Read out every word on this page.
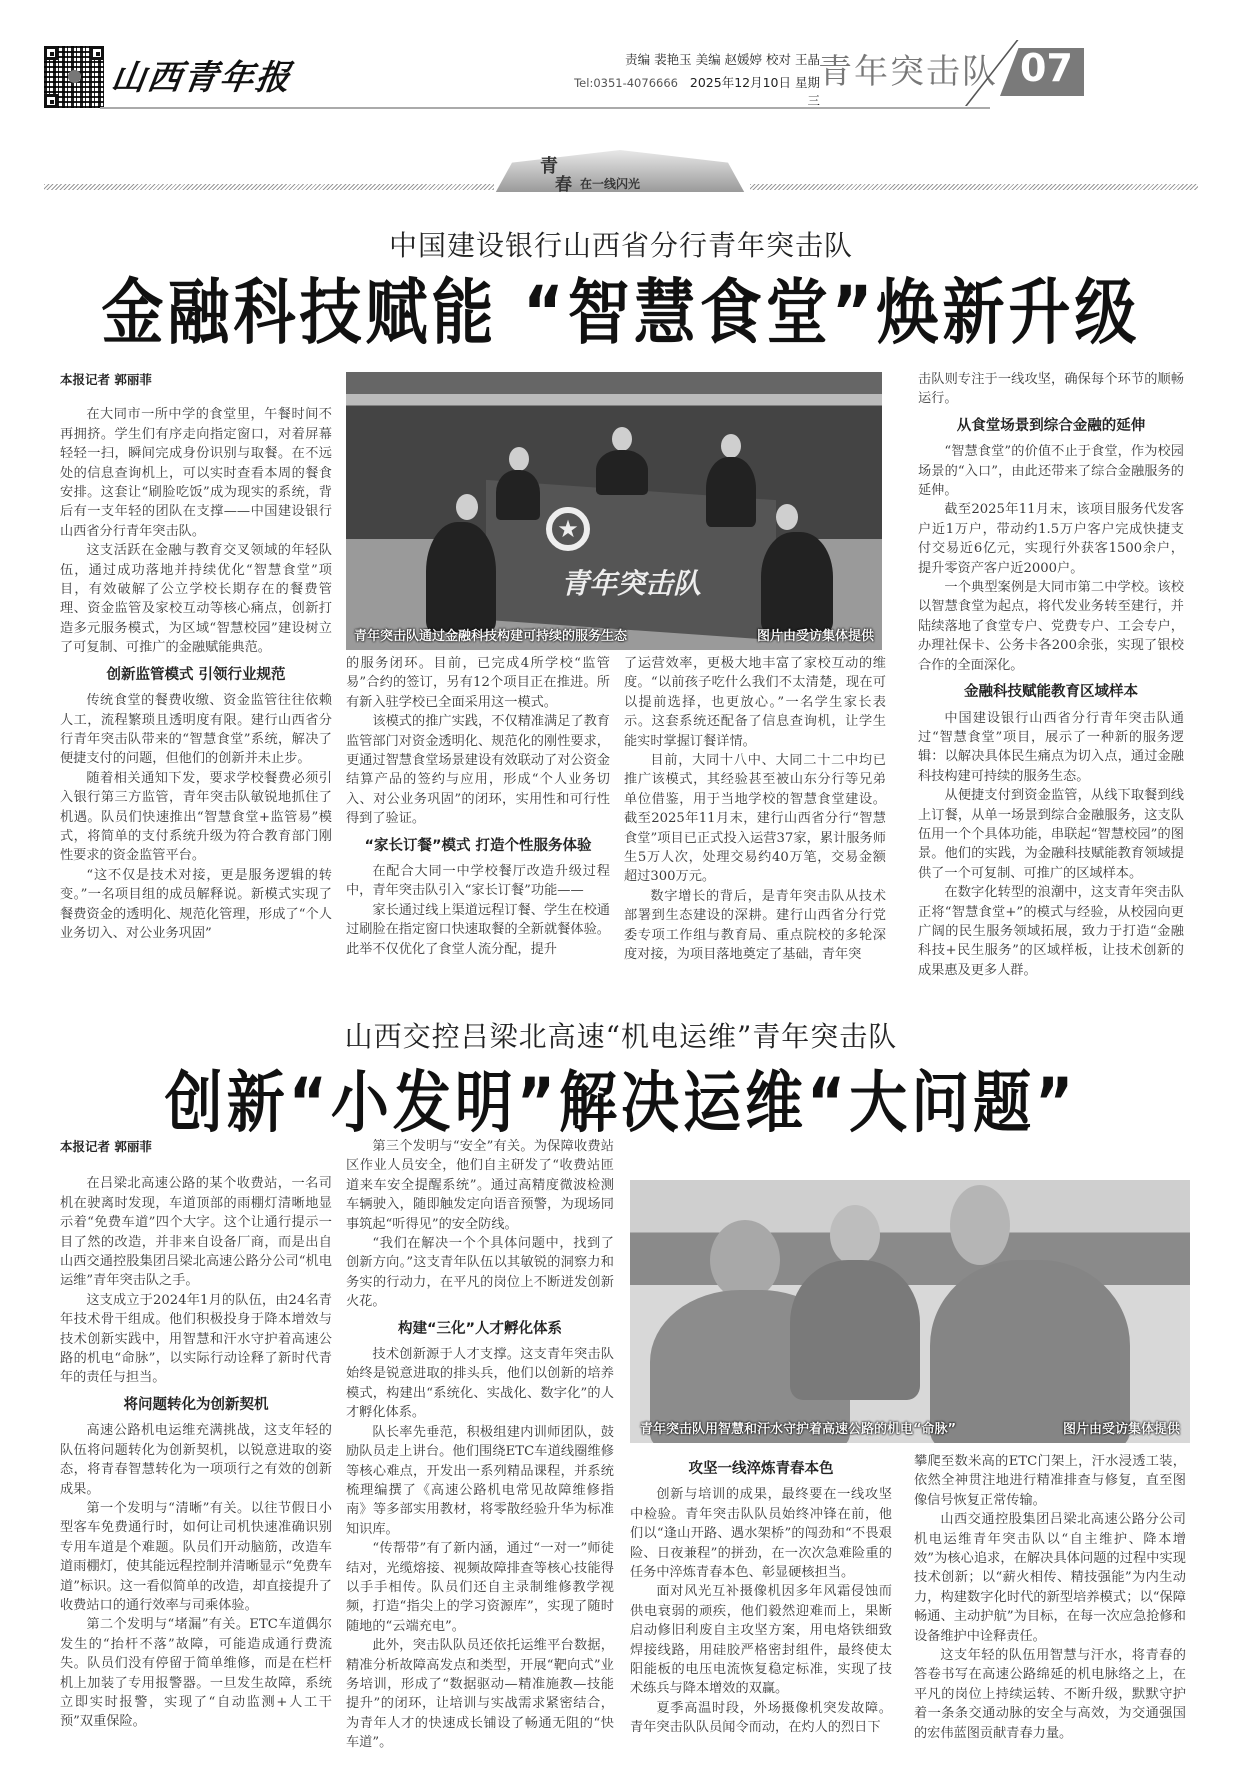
山西青年报	责编 裴艳玉 美编 赵媛婷 校对 王晶
Tel:0351-4076666 2025年12月10日 星期三
青年突击队 07
青
春 在一线闪光
中国建设银行山西省分行青年突击队
金融科技赋能 “智慧食堂”焕新升级
本报记者 郭丽菲

在大同市一所中学的食堂里，午餐时间不再拥挤。学生们有序走向指定窗口，对着屏幕轻轻一扫，瞬间完成身份识别与取餐。在不远处的信息查询机上，可以实时查看本周的餐食安排。这套让“刷脸吃饭”成为现实的系统，背后有一支年轻的团队在支撑——中国建设银行山西省分行青年突击队。

这支活跃在金融与教育交叉领域的年轻队伍，通过成功落地并持续优化“智慧食堂”项目，有效破解了公立学校长期存在的餐费管理、资金监管及家校互动等核心痛点，创新打造多元服务模式，为区域“智慧校园”建设树立了可复制、可推广的金融赋能典范。

创新监管模式 引领行业规范

传统食堂的餐费收缴、资金监管往往依赖人工，流程繁琐且透明度有限。建行山西省分行青年突击队带来的“智慧食堂”系统，解决了便捷支付的问题，但他们的创新并未止步。

随着相关通知下发，要求学校餐费必须引入银行第三方监管，青年突击队敏锐地抓住了机遇。队员们快速推出“智慧食堂+监管易”模式，将简单的支付系统升级为符合教育部门刚性要求的资金监管平台。

“这不仅是技术对接，更是服务逻辑的转变。”一名项目组的成员解释说。新模式实现了餐费资金的透明化、规范化管理，形成了“个人业务切入、对公业务巩固”

★
青年突击队
青年突击队通过金融科技构建可持续的服务生态	图片由受访集体提供

的服务闭环。目前，已完成4所学校“监管易”合约的签订，另有12个项目正在推进。所有新入驻学校已全面采用这一模式。

该模式的推广实践，不仅精准满足了教育监管部门对资金透明化、规范化的刚性要求，更通过智慧食堂场景建设有效联动了对公资金结算产品的签约与应用，形成“个人业务切入、对公业务巩固”的闭环，实用性和可行性得到了验证。

“家长订餐”模式 打造个性服务体验

在配合大同一中学校餐厅改造升级过程中，青年突击队引入“家长订餐”功能——

家长通过线上渠道远程订餐、学生在校通过刷脸在指定窗口快速取餐的全新就餐体验。此举不仅优化了食堂人流分配，提升

了运营效率，更极大地丰富了家校互动的维度。“以前孩子吃什么我们不太清楚，现在可以提前选择，也更放心。”一名学生家长表示。这套系统还配备了信息查询机，让学生能实时掌握订餐详情。

目前，大同十八中、大同二十二中均已推广该模式，其经验甚至被山东分行等兄弟单位借鉴，用于当地学校的智慧食堂建设。截至2025年11月末，建行山西省分行“智慧食堂”项目已正式投入运营37家，累计服务师生5万人次，处理交易约40万笔，交易金额超过300万元。

数字增长的背后，是青年突击队从技术部署到生态建设的深耕。建行山西省分行党委专项工作组与教育局、重点院校的多轮深度对接，为项目落地奠定了基础，青年突

击队则专注于一线攻坚，确保每个环节的顺畅运行。

从食堂场景到综合金融的延伸

“智慧食堂”的价值不止于食堂，作为校园场景的“入口”，由此还带来了综合金融服务的延伸。

截至2025年11月末，该项目服务代发客户近1万户，带动约1.5万户客户完成快捷支付交易近6亿元，实现行外获客1500余户，提升零资产客户近2000户。

一个典型案例是大同市第二中学校。该校以智慧食堂为起点，将代发业务转至建行，并陆续落地了食堂专户、党费专户、工会专户，办理社保卡、公务卡各200余张，实现了银校合作的全面深化。

金融科技赋能教育区域样本

中国建设银行山西省分行青年突击队通过“智慧食堂”项目，展示了一种新的服务逻辑：以解决具体民生痛点为切入点，通过金融科技构建可持续的服务生态。

从便捷支付到资金监管，从线下取餐到线上订餐，从单一场景到综合金融服务，这支队伍用一个个具体功能，串联起“智慧校园”的图景。他们的实践，为金融科技赋能教育领域提供了一个可复制、可推广的区域样本。

在数字化转型的浪潮中，这支青年突击队正将“智慧食堂+”的模式与经验，从校园向更广阔的民生服务领域拓展，致力于打造“金融科技+民生服务”的区域样板，让技术创新的成果惠及更多人群。

山西交控吕梁北高速“机电运维”青年突击队
创新“小发明”解决运维“大问题”
本报记者 郭丽菲

在吕梁北高速公路的某个收费站，一名司机在驶离时发现，车道顶部的雨棚灯清晰地显示着“免费车道”四个大字。这个让通行提示一目了然的改造，并非来自设备厂商，而是出自山西交通控股集团吕梁北高速公路分公司“机电运维”青年突击队之手。

这支成立于2024年1月的队伍，由24名青年技术骨干组成。他们积极投身于降本增效与技术创新实践中，用智慧和汗水守护着高速公路的机电“命脉”，以实际行动诠释了新时代青年的责任与担当。

将问题转化为创新契机

高速公路机电运维充满挑战，这支年轻的队伍将问题转化为创新契机，以锐意进取的姿态，将青春智慧转化为一项项行之有效的创新成果。

第一个发明与“清晰”有关。以往节假日小型客车免费通行时，如何让司机快速准确识别专用车道是个难题。队员们开动脑筋，改造车道雨棚灯，使其能远程控制并清晰显示“免费车道”标识。这一看似简单的改造，却直接提升了收费站口的通行效率与司乘体验。

第二个发明与“堵漏”有关。ETC车道偶尔发生的“抬杆不落”故障，可能造成通行费流失。队员们没有停留于简单维修，而是在栏杆机上加装了专用报警器。一旦发生故障，系统立即实时报警，实现了“自动监测+人工干预”双重保险。

第三个发明与“安全”有关。为保障收费站区作业人员安全，他们自主研发了“收费站匝道来车安全提醒系统”。通过高精度微波检测车辆驶入，随即触发定向语音预警，为现场同事筑起“听得见”的安全防线。

“我们在解决一个个具体问题中，找到了创新方向。”这支青年队伍以其敏锐的洞察力和务实的行动力，在平凡的岗位上不断迸发创新火花。

构建“三化”人才孵化体系

技术创新源于人才支撑。这支青年突击队始终是锐意进取的排头兵，他们以创新的培养模式，构建出“系统化、实战化、数字化”的人才孵化体系。

队长率先垂范，积极组建内训师团队，鼓励队员走上讲台。他们围绕ETC车道线圈维修等核心难点，开发出一系列精品课程，并系统梳理编撰了《高速公路机电常见故障维修指南》等多部实用教材，将零散经验升华为标准知识库。

“传帮带”有了新内涵，通过“一对一”师徒结对，光缆熔接、视频故障排查等核心技能得以手手相传。队员们还自主录制维修教学视频，打造“指尖上的学习资源库”，实现了随时随地的“云端充电”。

此外，突击队队员还依托运维平台数据，精准分析故障高发点和类型，开展“靶向式”业务培训，形成了“数据驱动—精准施教—技能提升”的闭环，让培训与实战需求紧密结合，为青年人才的快速成长铺设了畅通无阻的“快车道”。

青年突击队用智慧和汗水守护着高速公路的机电“命脉”	图片由受访集体提供
攻坚一线淬炼青春本色

创新与培训的成果，最终要在一线攻坚中检验。青年突击队队员始终冲锋在前，他们以“逢山开路、遇水架桥”的闯劲和“不畏艰险、日夜兼程”的拼劲，在一次次急难险重的任务中淬炼青春本色、彰显硬核担当。

面对风光互补摄像机因多年风霜侵蚀而供电衰弱的顽疾，他们毅然迎难而上，果断启动修旧利废自主攻坚方案，用电烙铁细致焊接线路，用硅胶严格密封组件，最终使太阳能板的电压电流恢复稳定标准，实现了技术练兵与降本增效的双赢。

夏季高温时段，外场摄像机突发故障。青年突击队队员闻令而动，在灼人的烈日下

攀爬至数米高的ETC门架上，汗水浸透工装，依然全神贯注地进行精准排查与修复，直至图像信号恢复正常传输。

山西交通控股集团吕梁北高速公路分公司机电运维青年突击队以“自主维护、降本增效”为核心追求，在解决具体问题的过程中实现技术创新；以“薪火相传、精技强能”为内生动力，构建数字化时代的新型培养模式；以“保障畅通、主动护航”为目标，在每一次应急抢修和设备维护中诠释责任。

这支年轻的队伍用智慧与汗水，将青春的答卷书写在高速公路绵延的机电脉络之上，在平凡的岗位上持续运转、不断升级，默默守护着一条条交通动脉的安全与高效，为交通强国的宏伟蓝图贡献青春力量。
